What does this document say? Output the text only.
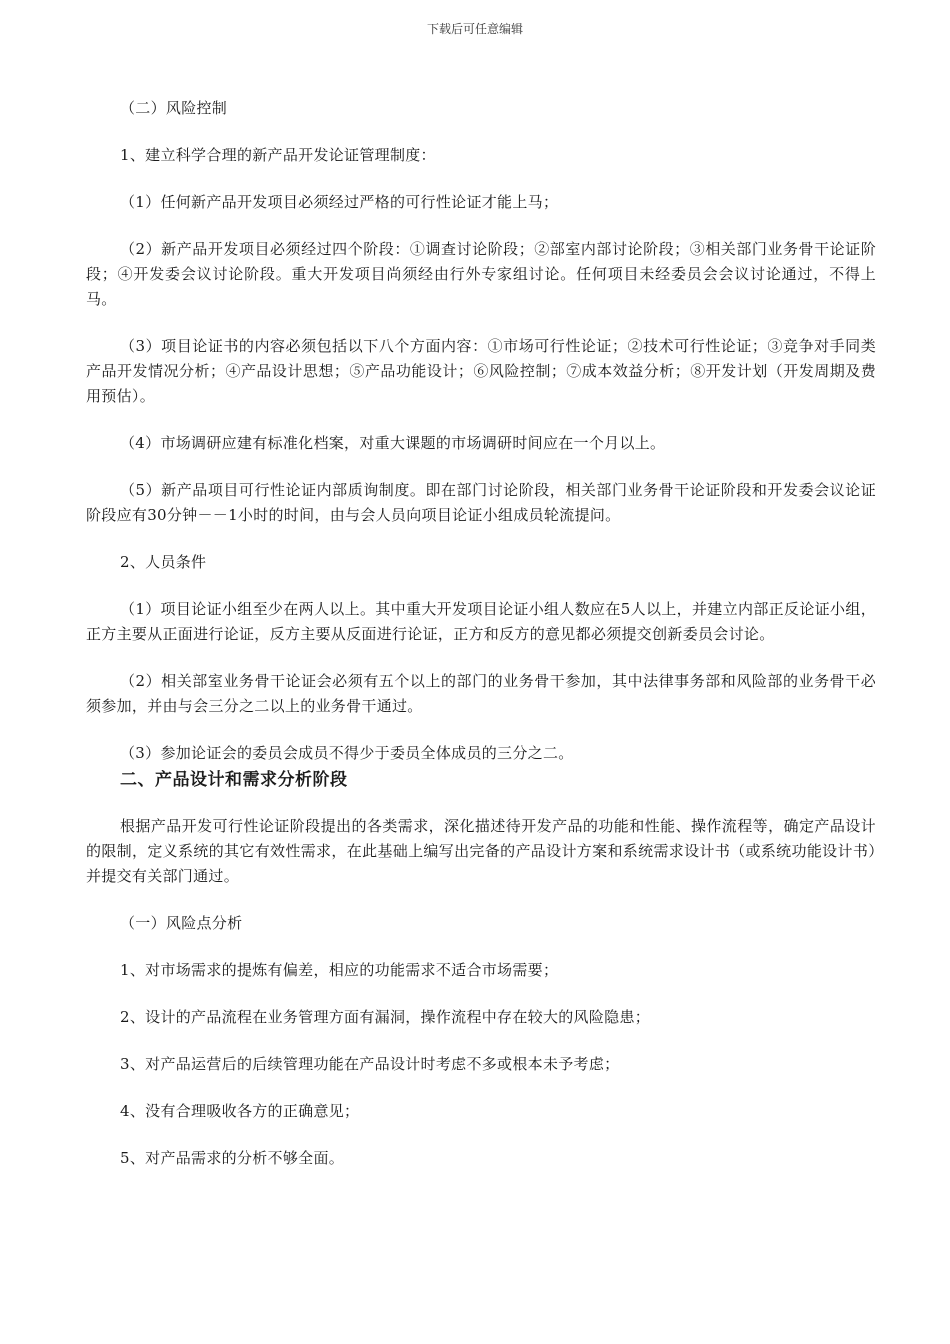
下载后可任意编辑

（二）风险控制

1、建立科学合理的新产品开发论证管理制度：

（1）任何新产品开发项目必须经过严格的可行性论证才能上马；

（2）新产品开发项目必须经过四个阶段：①调查讨论阶段；②部室内部讨论阶段；③相关部门业务骨干论证阶段；④开发委会议讨论阶段。重大开发项目尚须经由行外专家组讨论。任何项目未经委员会会议讨论通过，不得上马。

（3）项目论证书的内容必须包括以下八个方面内容：①市场可行性论证；②技术可行性论证；③竞争对手同类产品开发情况分析；④产品设计思想；⑤产品功能设计；⑥风险控制；⑦成本效益分析；⑧开发计划（开发周期及费用预估）。

（4）市场调研应建有标准化档案，对重大课题的市场调研时间应在一个月以上。

（5）新产品项目可行性论证内部质询制度。即在部门讨论阶段，相关部门业务骨干论证阶段和开发委会议论证阶段应有30分钟－－1小时的时间，由与会人员向项目论证小组成员轮流提问。

2、人员条件

（1）项目论证小组至少在两人以上。其中重大开发项目论证小组人数应在5人以上，并建立内部正反论证小组，正方主要从正面进行论证，反方主要从反面进行论证，正方和反方的意见都必须提交创新委员会讨论。

（2）相关部室业务骨干论证会必须有五个以上的部门的业务骨干参加，其中法律事务部和风险部的业务骨干必须参加，并由与会三分之二以上的业务骨干通过。

（3）参加论证会的委员会成员不得少于委员全体成员的三分之二。

二、产品设计和需求分析阶段

根据产品开发可行性论证阶段提出的各类需求，深化描述待开发产品的功能和性能、操作流程等，确定产品设计的限制，定义系统的其它有效性需求，在此基础上编写出完备的产品设计方案和系统需求设计书（或系统功能设计书）并提交有关部门通过。

（一）风险点分析

1、对市场需求的提炼有偏差，相应的功能需求不适合市场需要；

2、设计的产品流程在业务管理方面有漏洞，操作流程中存在较大的风险隐患；

3、对产品运营后的后续管理功能在产品设计时考虑不多或根本未予考虑；

4、没有合理吸收各方的正确意见；

5、对产品需求的分析不够全面。
